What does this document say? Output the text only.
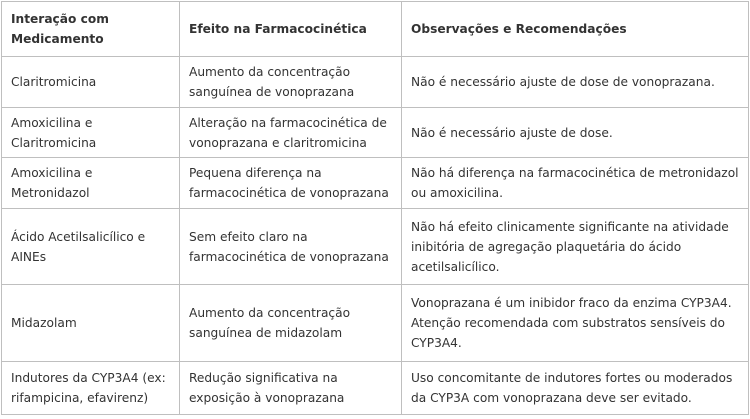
Interação com Medicamento	Efeito na Farmacocinética	Observações e Recomendações
Claritromicina	Aumento da concentração sanguínea de vonoprazana	Não é necessário ajuste de dose de vonoprazana.
Amoxicilina e Claritromicina	Alteração na farmacocinética de vonoprazana e claritromicina	Não é necessário ajuste de dose.
Amoxicilina e Metronidazol	Pequena diferença na farmacocinética de vonoprazana	Não há diferença na farmacocinética de metronidazol ou amoxicilina.
Ácido Acetilsalicílico e AINEs	Sem efeito claro na farmacocinética de vonoprazana	Não há efeito clinicamente significante na atividade inibitória de agregação plaquetária do ácido acetilsalicílico.
Midazolam	Aumento da concentração sanguínea de midazolam	Vonoprazana é um inibidor fraco da enzima CYP3A4. Atenção recomendada com substratos sensíveis do CYP3A4.
Indutores da CYP3A4 (ex: rifampicina, efavirenz)	Redução significativa na exposição à vonoprazana	Uso concomitante de indutores fortes ou moderados da CYP3A com vonoprazana deve ser evitado.
